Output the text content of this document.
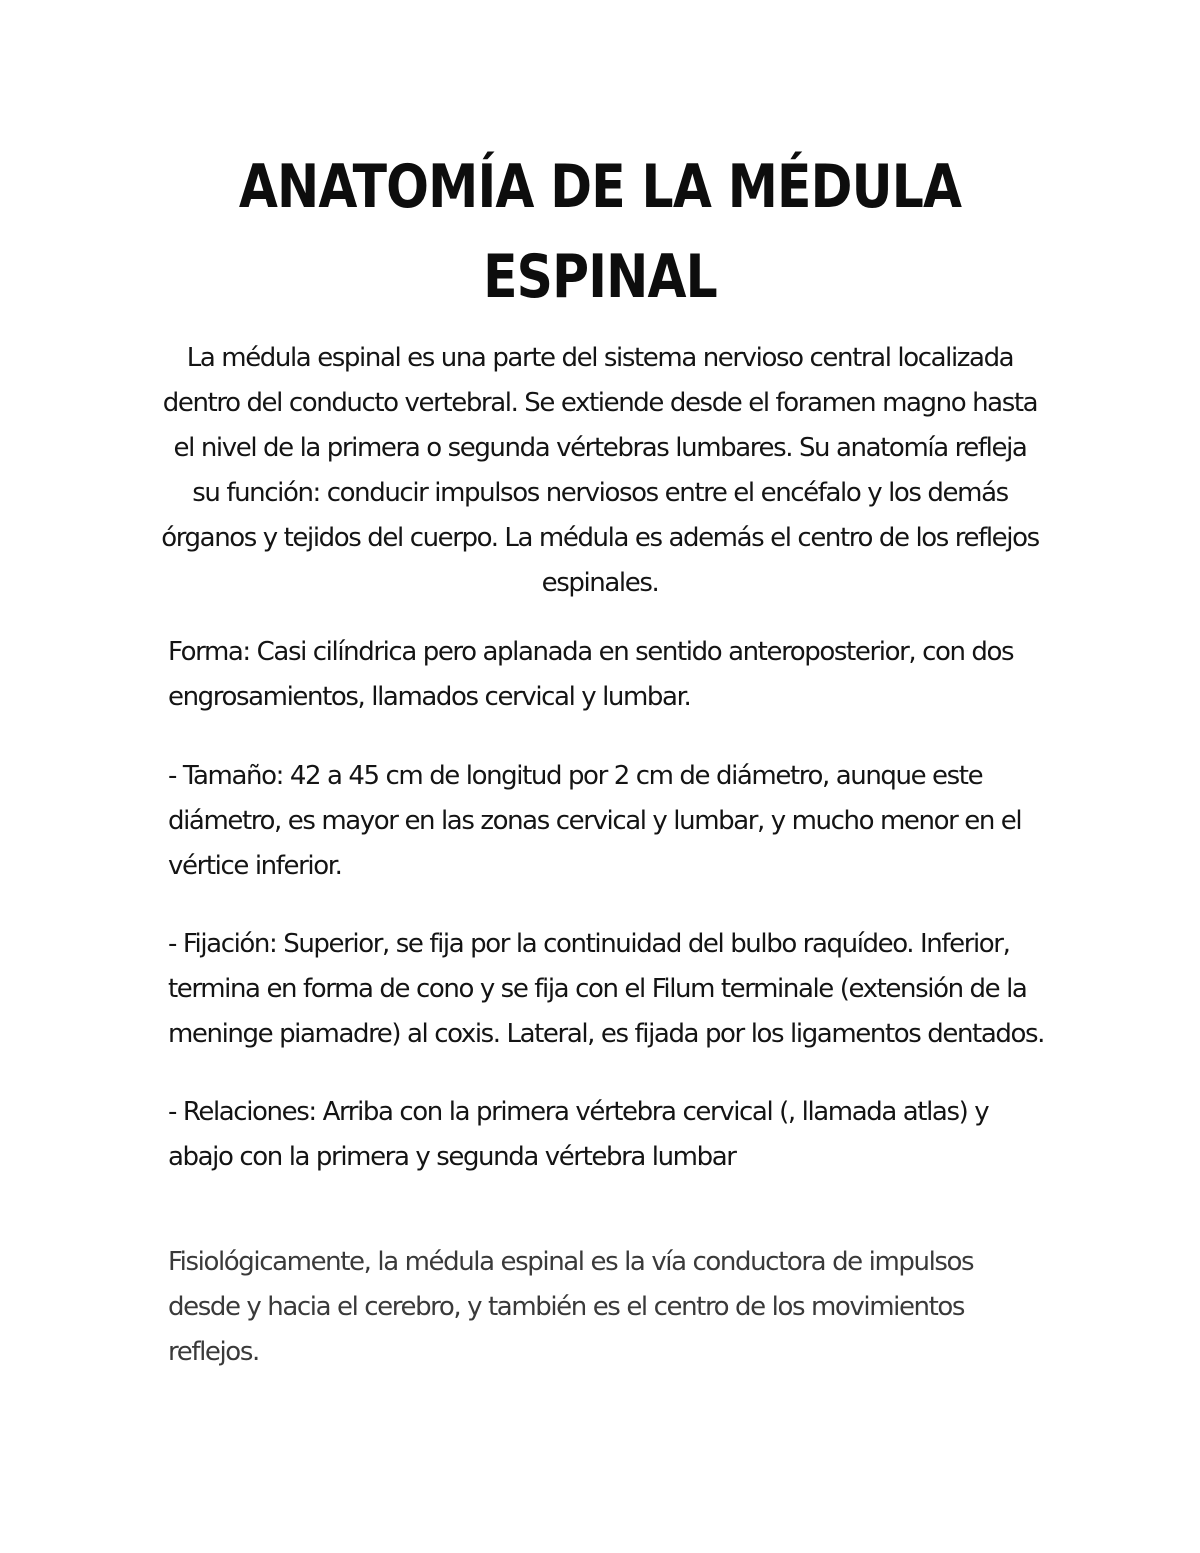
ANATOMÍA DE LA MÉDULA
ESPINAL

La médula espinal es una parte del sistema nervioso central localizada dentro del conducto vertebral. Se extiende desde el foramen magno hasta el nivel de la primera o segunda vértebras lumbares. Su anatomía refleja su función: conducir impulsos nerviosos entre el encéfalo y los demás órganos y tejidos del cuerpo. La médula es además el centro de los reflejos espinales.

Forma: Casi cilíndrica pero aplanada en sentido anteroposterior, con dos engrosamientos, llamados cervical y lumbar.

- Tamaño: 42 a 45 cm de longitud por 2 cm de diámetro, aunque este diámetro, es mayor en las zonas cervical y lumbar, y mucho menor en el vértice inferior.

- Fijación: Superior, se fija por la continuidad del bulbo raquídeo. Inferior, termina en forma de cono y se fija con el Filum terminale (extensión de la meninge piamadre) al coxis. Lateral, es fijada por los ligamentos dentados.

- Relaciones: Arriba con la primera vértebra cervical (, llamada atlas) y abajo con la primera y segunda vértebra lumbar

Fisiológicamente, la médula espinal es la vía conductora de impulsos desde y hacia el cerebro, y también es el centro de los movimientos reflejos.
